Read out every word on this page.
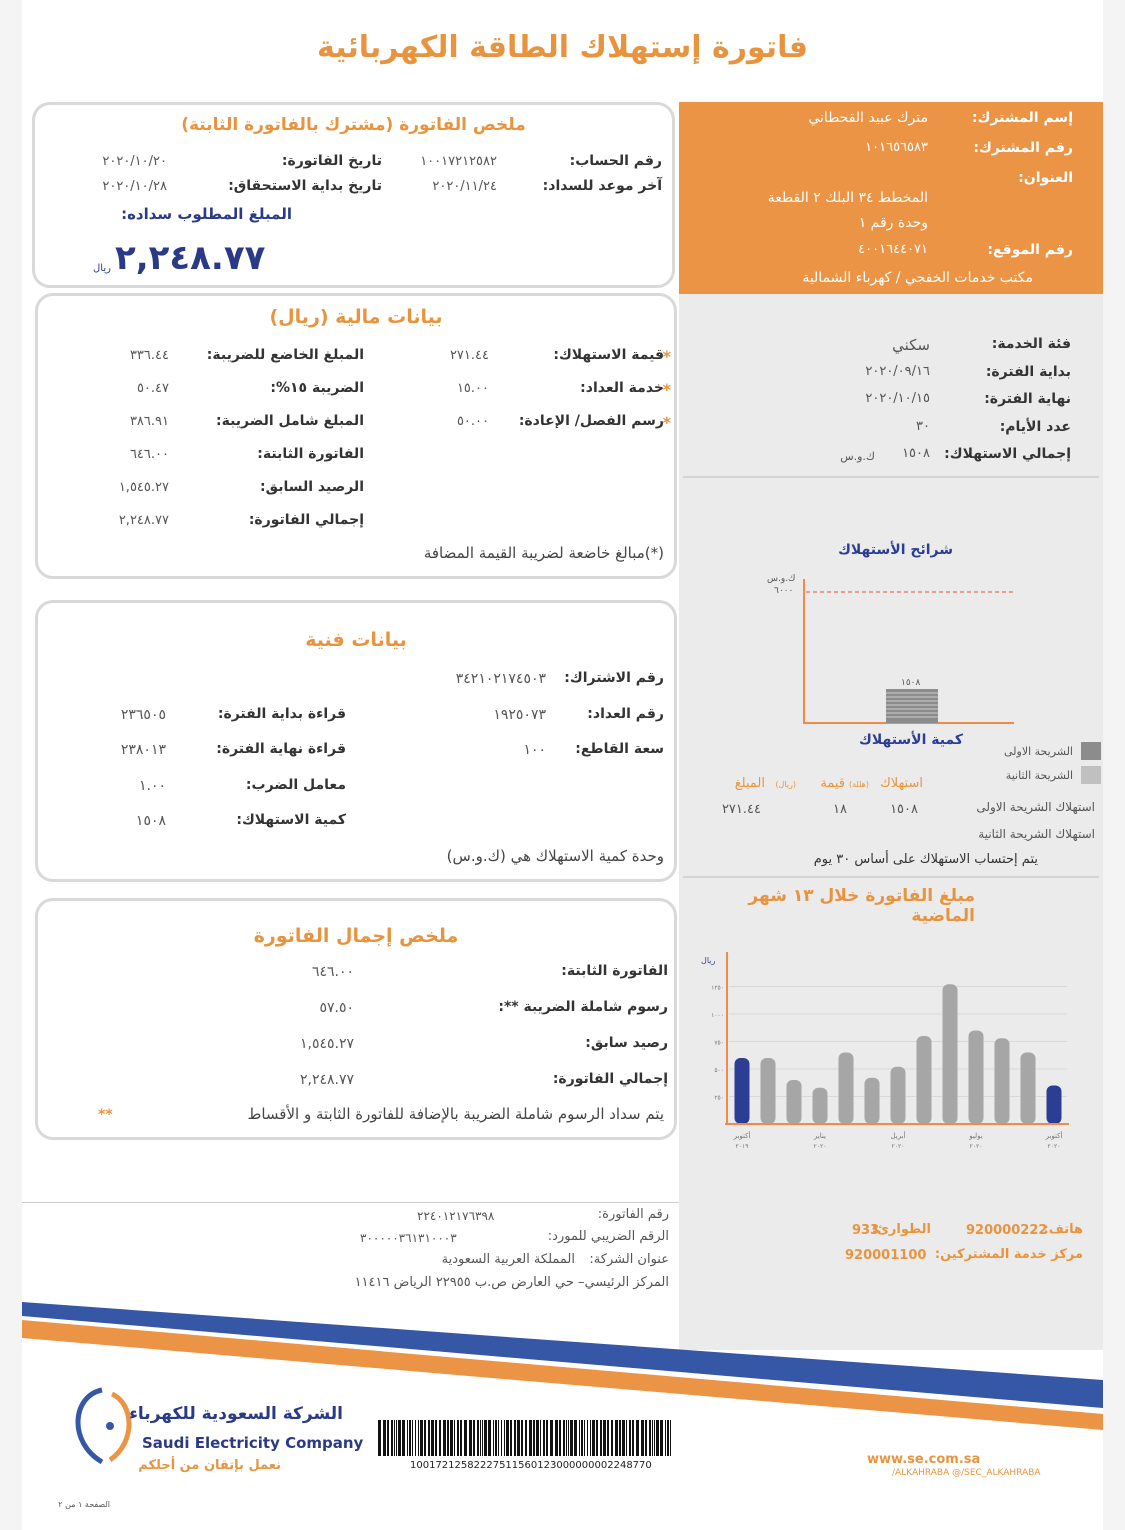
فاتورة إستهلاك الطاقة الكهربائية
إسم المشترك:
مترك عبيد القحطاني
رقم المشترك:
١٠١٦٥٦٥٨٣
العنوان:
المخطط ٣٤ البلك ٢ القطعة
وحدة رقم ١
رقم الموقع:
٤٠٠١٦٤٤٠٧١
مكتب خدمات الخفجي / كهرباء الشمالية
فئة الخدمة:
سكني
بداية الفترة:
٢٠٢٠/٠٩/١٦
نهاية الفترة:
٢٠٢٠/١٠/١٥
عدد الأيام:
٣٠
إجمالي الاستهلاك:
١٥٠٨
ك.و.س
شرائح الأستهلاك
ك.و.س
٦٠٠٠
١٥٠٨
كمية الأستهلاك
الشريحة الاولى
الشريحة الثانية
استهلاك
قيمة (هللة)
المبلغ (ريال)
استهلاك الشريحة الاولى
١٥٠٨
١٨
٢٧١.٤٤
استهلاك الشريحة الثانية
يتم إحتساب الاستهلاك على أساس ٣٠ يوم
مبلغ الفاتورة خلال ١٣ شهر الماضية
ريال
٢٥٠
٥٠٠
٧٥٠
١٠٠٠
١٢٥٠
أكتوبر
٢٠١٩
يناير
٢٠٢٠
أبريل
٢٠٢٠
يوليو
٢٠٢٠
أكتوبر
٢٠٢٠
ملخص الفاتورة (مشترك بالفاتورة الثابتة)
رقم الحساب:
١٠٠١٧٢١٢٥٨٢
تاريخ الفاتورة:
٢٠٢٠/١٠/٢٠
آخر موعد للسداد:
٢٠٢٠/١١/٢٤
تاريخ بداية الاستحقاق:
٢٠٢٠/١٠/٢٨
المبلغ المطلوب سداده:
٢,٢٤٨.٧٧
ريال
بيانات مالية (ريال)
قيمة الاستهلاك:
*
٢٧١.٤٤
خدمة العداد:
*
١٥.٠٠
رسم الفصل/ الإعادة:
*
٥٠.٠٠
المبلغ الخاضع للضريبة:
٣٣٦.٤٤
الضريبة ١٥%:
٥٠.٤٧
المبلغ شامل الضريبة:
٣٨٦.٩١
الفاتورة الثابتة:
٦٤٦.٠٠
الرصيد السابق:
١,٥٤٥.٢٧
إجمالي الفاتورة:
٢,٢٤٨.٧٧
(*)مبالغ خاضعة لضريبة القيمة المضافة
بيانات فنية
رقم الاشتراك:
٣٤٢١٠٢١٧٤٥٠٣
رقم العداد:
١٩٢٥٠٧٣
سعة القاطع:
١٠٠
قراءة بداية الفترة:
٢٣٦٥٠٥
قراءة نهاية الفترة:
٢٣٨٠١٣
معامل الضرب:
١.٠٠
كمية الاستهلاك:
١٥٠٨
وحدة كمية الاستهلاك هي (ك.و.س)
ملخص إجمال الفاتورة
الفاتورة الثابتة:
٦٤٦.٠٠
رسوم شاملة الضريبة **:
٥٧.٥٠
رصيد سابق:
١,٥٤٥.٢٧
إجمالي الفاتورة:
٢,٢٤٨.٧٧
يتم سداد الرسوم شاملة الضريبة بالإضافة للفاتورة الثابتة و الأقساط
**
رقم الفاتورة:
٢٢٤٠١٢١٧٦٣٩٨
الرقم الضريبي للمورد:
٣٠٠٠٠٠٣٦١٣١٠٠٠٣
عنوان الشركة:
المملكة العربية السعودية
المركز الرئيسي– حي العارض ص.ب ٢٢٩٥٥ الرياض ١١٤١٦
هاتف:
920000222
الطوارئ:
933
مركز خدمة المشتركين:
920001100
الشركة السعودية للكهرباء
Saudi Electricity Company
نعمل بإتقان من أجلكم	10017212582227511560123000000002248770	www.se.com.sa
/ALKAHRABA @/SEC_ALKAHRABA
الصفحة ١ من ٢
